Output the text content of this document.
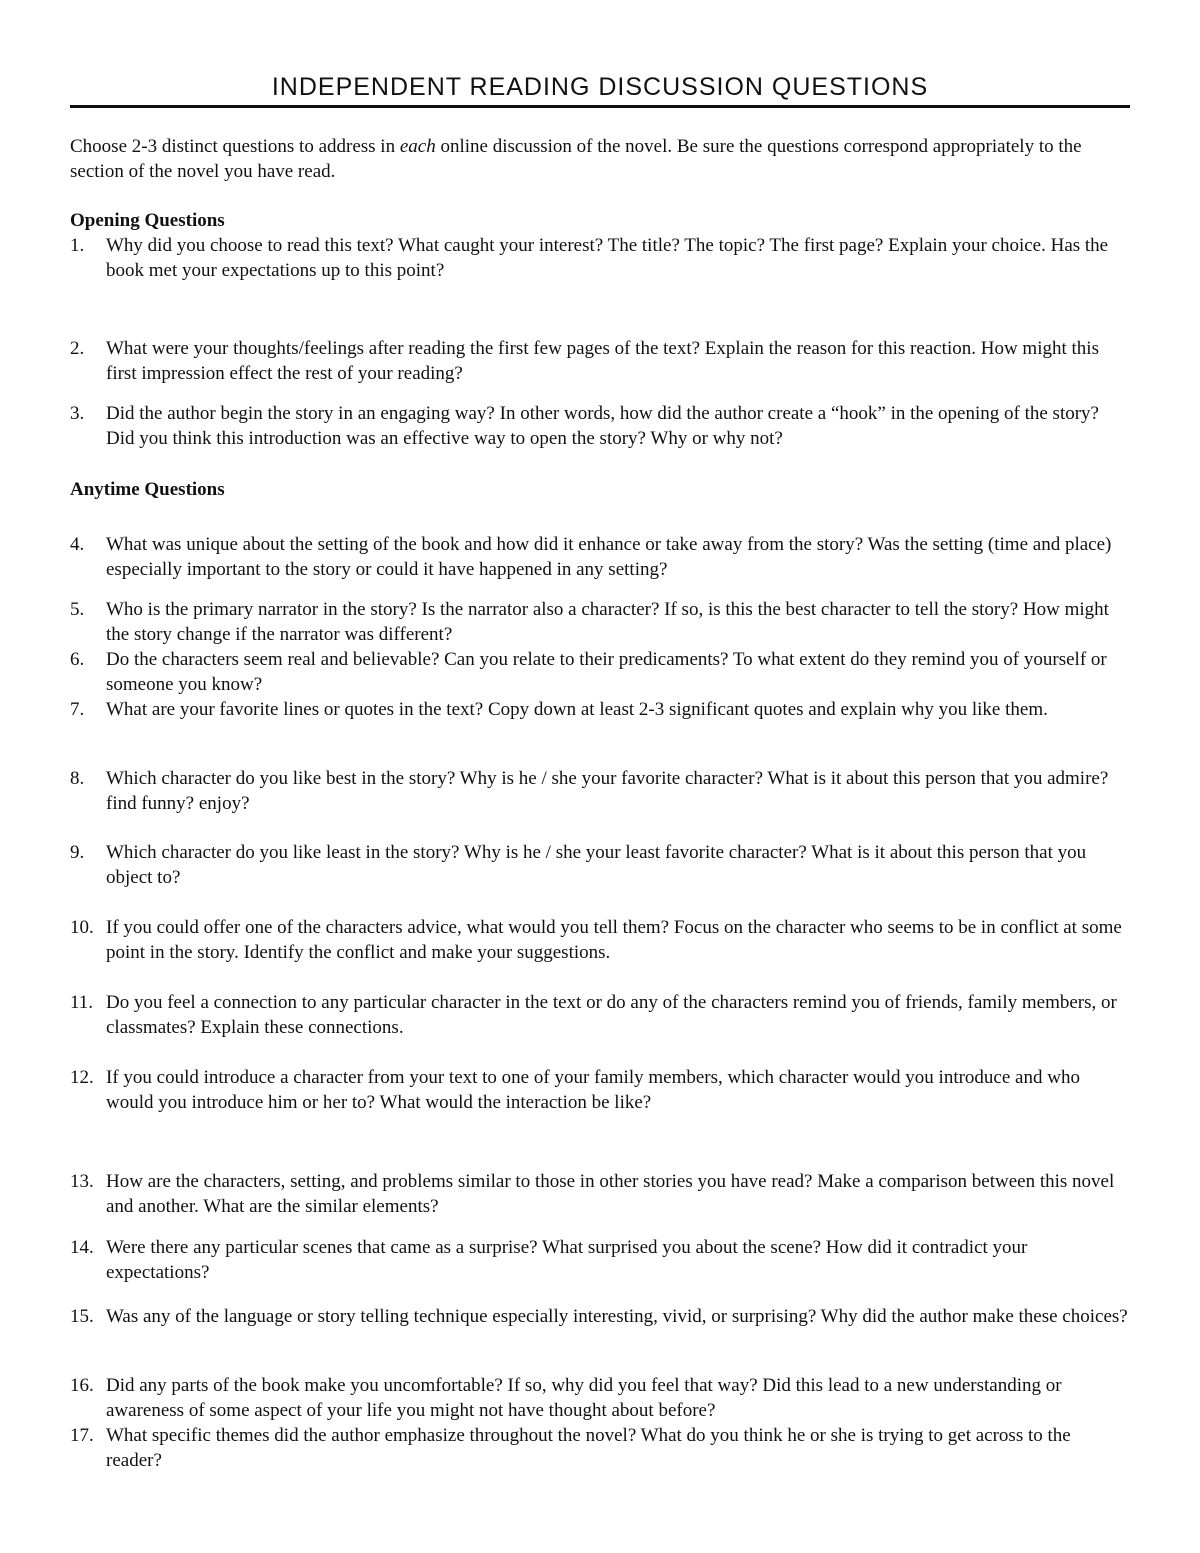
INDEPENDENT READING DISCUSSION QUESTIONS

Choose 2-3 distinct questions to address in each online discussion of the novel. Be sure the questions correspond appropriately to the section of the novel you have read.

Opening Questions

1.	Why did you choose to read this text? What caught your interest? The title? The topic? The first page? Explain your choice. Has the book met your expectations up to this point?
2.	What were your thoughts/feelings after reading the first few pages of the text? Explain the reason for this reaction. How might this first impression effect the rest of your reading?
3.	Did the author begin the story in an engaging way? In other words, how did the author create a “hook” in the opening of the story? Did you think this introduction was an effective way to open the story? Why or why not?

Anytime Questions

4.	What was unique about the setting of the book and how did it enhance or take away from the story? Was the setting (time and place) especially important to the story or could it have happened in any setting?
5.	Who is the primary narrator in the story? Is the narrator also a character? If so, is this the best character to tell the story? How might the story change if the narrator was different?
6.	Do the characters seem real and believable? Can you relate to their predicaments? To what extent do they remind you of yourself or someone you know?
7.	What are your favorite lines or quotes in the text? Copy down at least 2-3 significant quotes and explain why you like them.
8.	Which character do you like best in the story? Why is he / she your favorite character? What is it about this person that you admire? find funny? enjoy?
9.	Which character do you like least in the story? Why is he / she your least favorite character? What is it about this person that you object to?
10. If you could offer one of the characters advice, what would you tell them? Focus on the character who seems to be in conflict at some point in the story. Identify the conflict and make your suggestions.
11. Do you feel a connection to any particular character in the text or do any of the characters remind you of friends, family members, or classmates? Explain these connections.
12. If you could introduce a character from your text to one of your family members, which character would you introduce and who would you introduce him or her to? What would the interaction be like?
13. How are the characters, setting, and problems similar to those in other stories you have read? Make a comparison between this novel and another. What are the similar elements?
14. Were there any particular scenes that came as a surprise? What surprised you about the scene? How did it contradict your expectations?
15. Was any of the language or story telling technique especially interesting, vivid, or surprising? Why did the author make these choices?
16. Did any parts of the book make you uncomfortable? If so, why did you feel that way? Did this lead to a new understanding or awareness of some aspect of your life you might not have thought about before?
17. What specific themes did the author emphasize throughout the novel? What do you think he or she is trying to get across to the reader?
